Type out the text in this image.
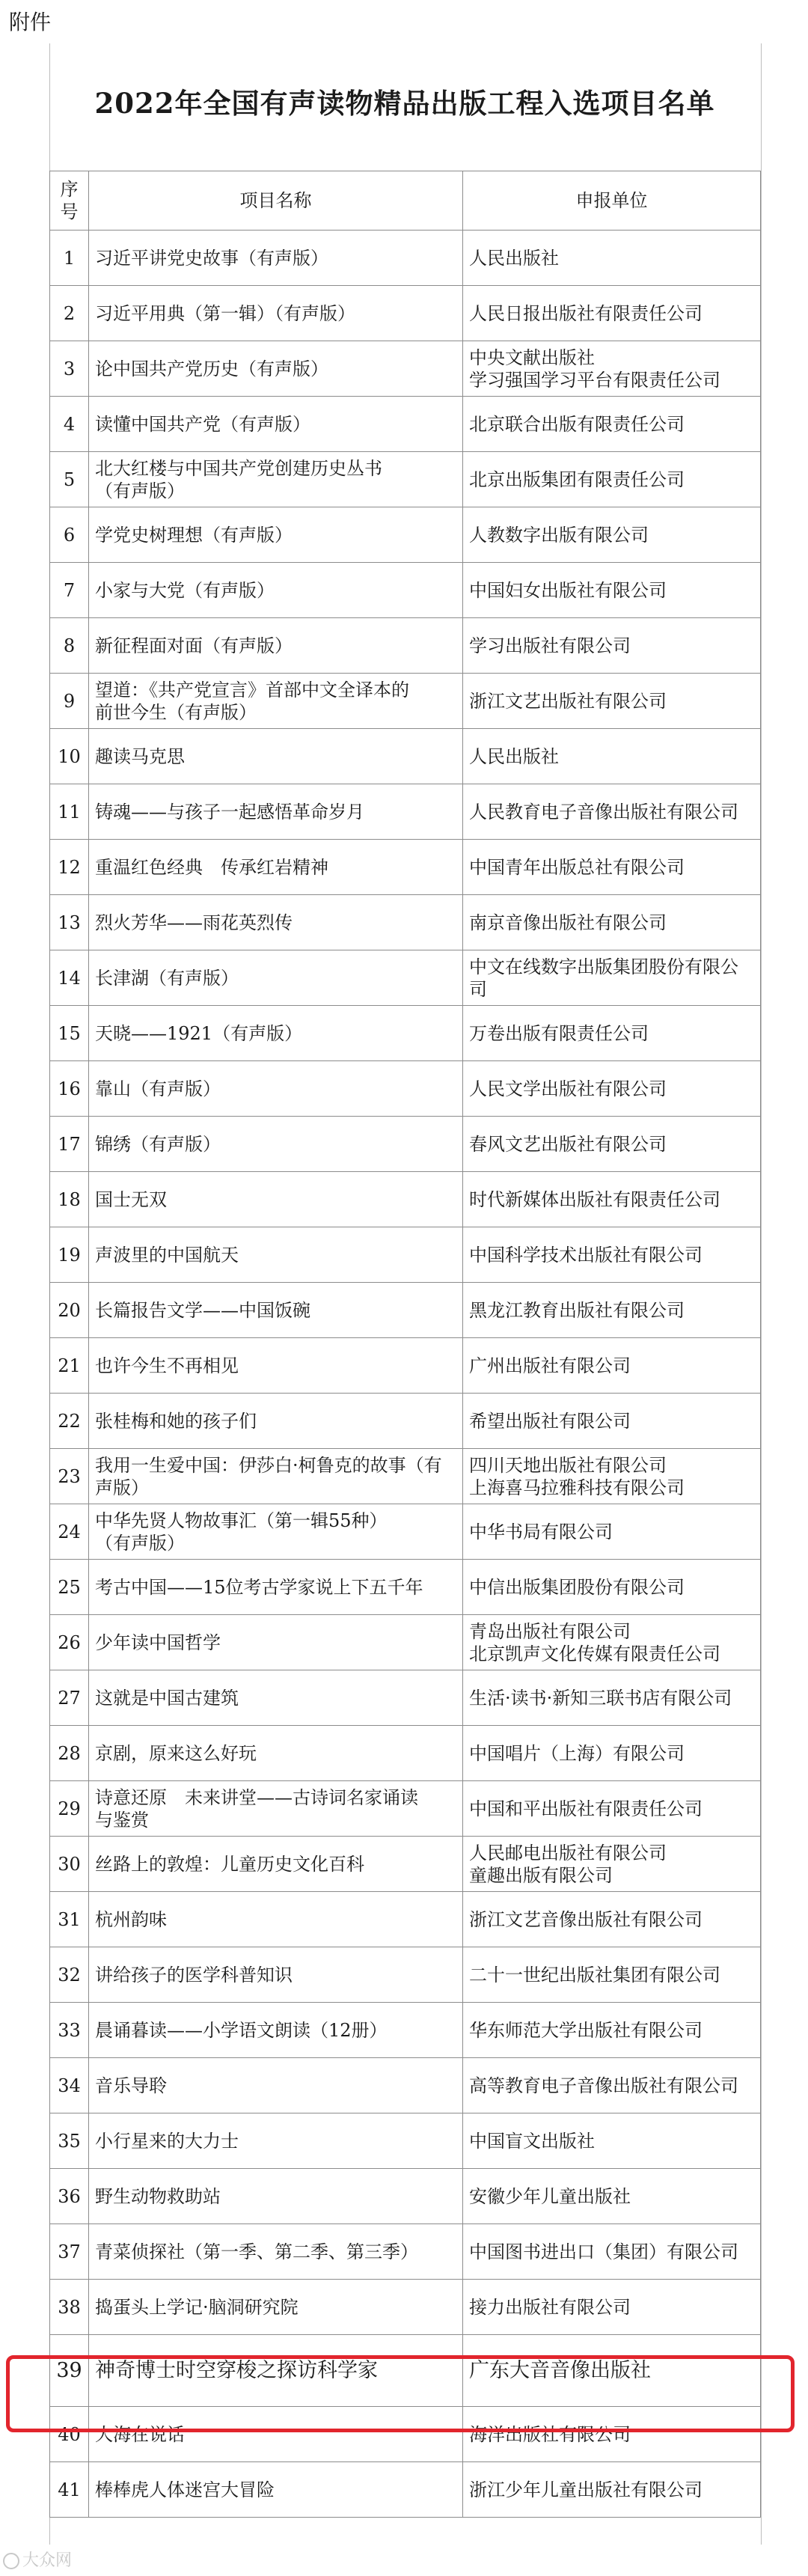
附件
2022年全国有声读物精品出版工程入选项目名单
序号	项目名称	申报单位
1	习近平讲党史故事（有声版）	人民出版社
2	习近平用典（第一辑）（有声版）	人民日报出版社有限责任公司
3	论中国共产党历史（有声版）	中央文献出版社
学习强国学习平台有限责任公司
4	读懂中国共产党（有声版）	北京联合出版有限责任公司
5	北大红楼与中国共产党创建历史丛书
（有声版）	北京出版集团有限责任公司
6	学党史树理想（有声版）	人教数字出版有限公司
7	小家与大党（有声版）	中国妇女出版社有限公司
8	新征程面对面（有声版）	学习出版社有限公司
9	望道：《共产党宣言》首部中文全译本的
前世今生（有声版）	浙江文艺出版社有限公司
10	趣读马克思	人民出版社
11	铸魂——与孩子一起感悟革命岁月	人民教育电子音像出版社有限公司
12	重温红色经典　传承红岩精神	中国青年出版总社有限公司
13	烈火芳华——雨花英烈传	南京音像出版社有限公司
14	长津湖（有声版）	中文在线数字出版集团股份有限公司
15	天晓——1921（有声版）	万卷出版有限责任公司
16	靠山（有声版）	人民文学出版社有限公司
17	锦绣（有声版）	春风文艺出版社有限公司
18	国士无双	时代新媒体出版社有限责任公司
19	声波里的中国航天	中国科学技术出版社有限公司
20	长篇报告文学——中国饭碗	黑龙江教育出版社有限公司
21	也许今生不再相见	广州出版社有限公司
22	张桂梅和她的孩子们	希望出版社有限公司
23	我用一生爱中国：伊莎白·柯鲁克的故事（有
声版）	四川天地出版社有限公司
上海喜马拉雅科技有限公司
24	中华先贤人物故事汇（第一辑55种）
（有声版）	中华书局有限公司
25	考古中国——15位考古学家说上下五千年	中信出版集团股份有限公司
26	少年读中国哲学	青岛出版社有限公司
北京凯声文化传媒有限责任公司
27	这就是中国古建筑	生活·读书·新知三联书店有限公司
28	京剧，原来这么好玩	中国唱片（上海）有限公司
29	诗意还原　未来讲堂——古诗词名家诵读
与鉴赏	中国和平出版社有限责任公司
30	丝路上的敦煌：儿童历史文化百科	人民邮电出版社有限公司
童趣出版有限公司
31	杭州韵味	浙江文艺音像出版社有限公司
32	讲给孩子的医学科普知识	二十一世纪出版社集团有限公司
33	晨诵暮读——小学语文朗读（12册）	华东师范大学出版社有限公司
34	音乐导聆	高等教育电子音像出版社有限公司
35	小行星来的大力士	中国盲文出版社
36	野生动物救助站	安徽少年儿童出版社
37	青菜侦探社（第一季、第二季、第三季）	中国图书进出口（集团）有限公司
38	捣蛋头上学记·脑洞研究院	接力出版社有限公司
39	神奇博士时空穿梭之探访科学家	广东大音音像出版社
40	大海在说话	海洋出版社有限公司
41	棒棒虎人体迷宫大冒险	浙江少年儿童出版社有限公司
大众网
